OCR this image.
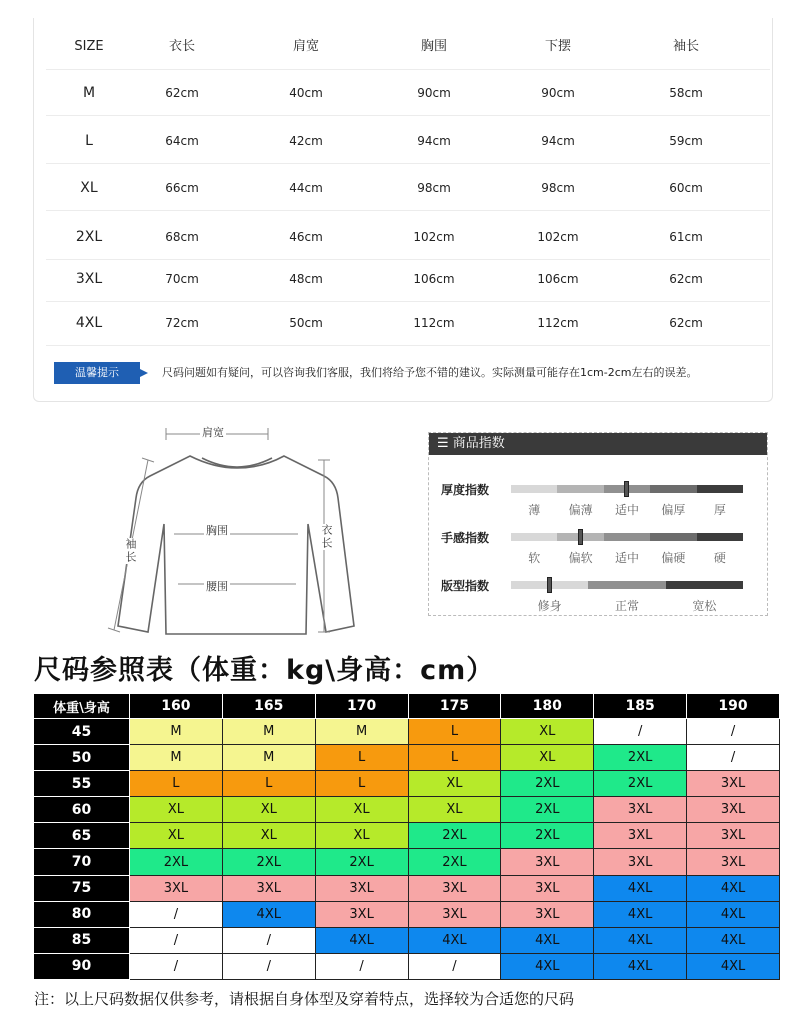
SIZE	衣长	肩宽	胸围	下摆	袖长
M	62cm	40cm	90cm	90cm	58cm
L	64cm	42cm	94cm	94cm	59cm
XL	66cm	44cm	98cm	98cm	60cm
2XL	68cm	46cm	102cm	102cm	61cm
3XL	70cm	48cm	106cm	106cm	62cm
4XL	72cm	50cm	112cm	112cm	62cm
温馨提示	尺码问题如有疑问，可以咨询我们客服，我们将给予您不错的建议。实际测量可能存在1cm-2cm左右的误差。
肩宽
胸围
腰围
袖长
衣长
☰ 商品指数
厚度指数
薄	偏薄	适中	偏厚	厚
手感指数
软	偏软	适中	偏硬	硬
版型指数
修身	正常	宽松
尺码参照表（体重：kg\身高：cm）
体重\身高	160	165	170	175	180	185	190
45	M	M	M	L	XL	/	/
50	M	M	L	L	XL	2XL	/
55	L	L	L	XL	2XL	2XL	3XL
60	XL	XL	XL	XL	2XL	3XL	3XL
65	XL	XL	XL	2XL	2XL	3XL	3XL
70	2XL	2XL	2XL	2XL	3XL	3XL	3XL
75	3XL	3XL	3XL	3XL	3XL	4XL	4XL
80	/	4XL	3XL	3XL	3XL	4XL	4XL
85	/	/	4XL	4XL	4XL	4XL	4XL
90	/	/	/	/	4XL	4XL	4XL
注：以上尺码数据仅供参考，请根据自身体型及穿着特点，选择较为合适您的尺码
